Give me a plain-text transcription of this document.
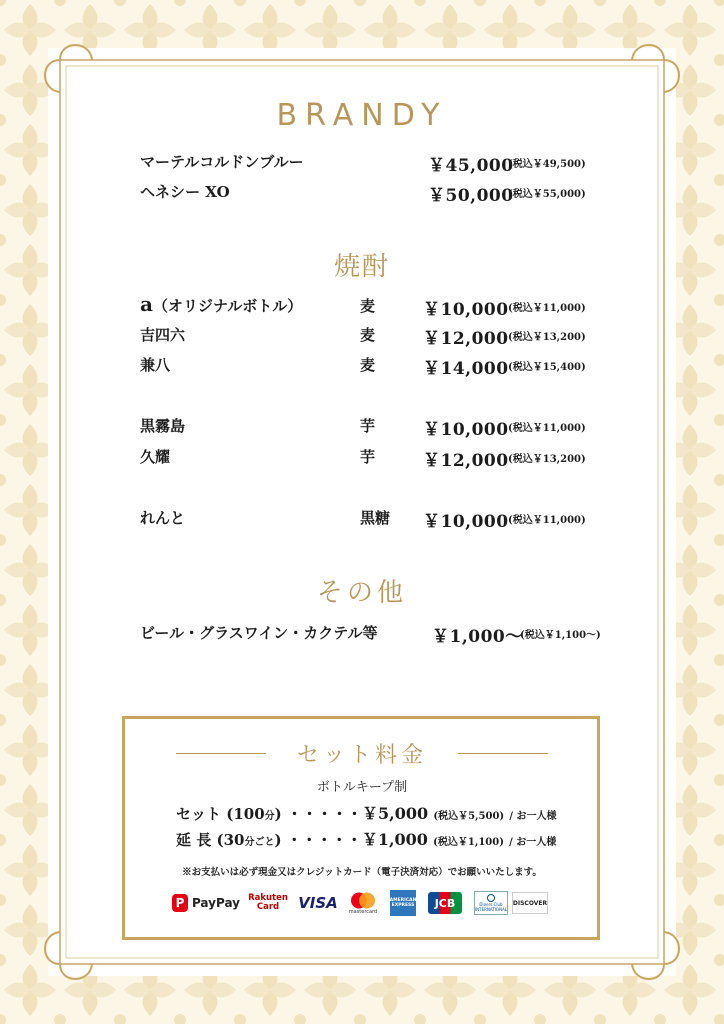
BRANDY
マーテルコルドンブルー	￥45,000
(税込￥49,500)
ヘネシー XO	￥50,000
(税込￥55,000)
焼酎
a（オリジナルボトル）	麦	￥10,000 (税込￥11,000)
吉四六	麦	￥12,000 (税込￥13,200)
兼八	麦	￥14,000 (税込￥15,400)
黒霧島	芋	￥10,000 (税込￥11,000)
久耀	芋	￥12,000 (税込￥13,200)
れんと	黒糖 ￥10,000 (税込￥11,000)
その他
ビール・グラスワイン・カクテル等	￥1,000～
(税込￥1,100～)
セット料金
ボトルキープ制
セット (100分) ・・・・・￥5,000 (税込￥5,500) / お一人様
延 長 (30分ごと) ・・・・・￥1,000 (税込￥1,100) / お一人様
※お支払いは必ず現金又はクレジットカード（電子決済対応）でお願いいたします。
P PayPay Rakuten
Card VISA	mastercard
AMERICAN EXPRESS	JCB	Diners Club INTERNATIONAL
DISCOVER
